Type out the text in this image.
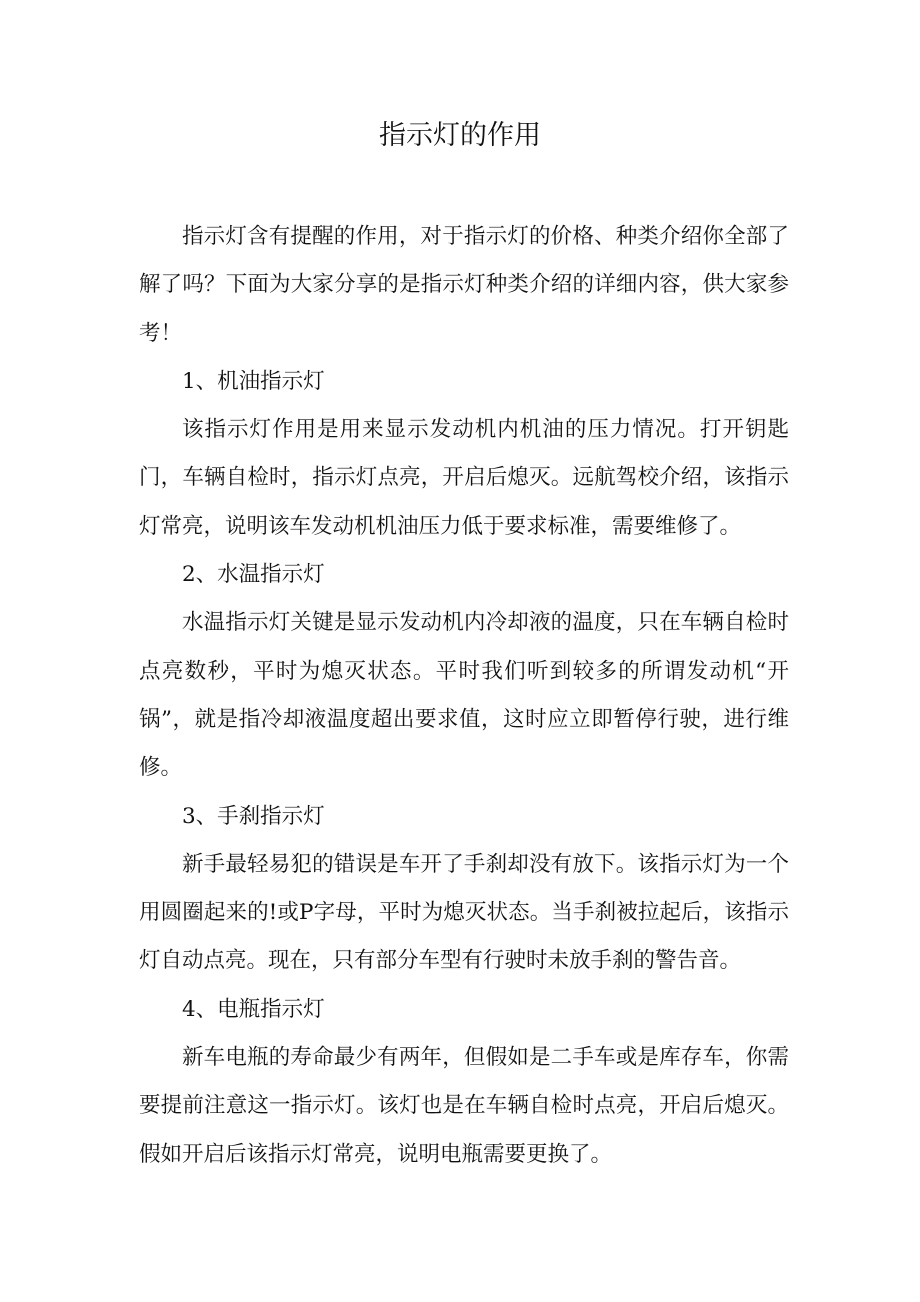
指示灯的作用

指示灯含有提醒的作用，对于指示灯的价格、种类介绍你全部了解了吗？下面为大家分享的是指示灯种类介绍的详细内容，供大家参考！

1、机油指示灯

该指示灯作用是用来显示发动机内机油的压力情况。打开钥匙门，车辆自检时，指示灯点亮，开启后熄灭。远航驾校介绍，该指示灯常亮，说明该车发动机机油压力低于要求标准，需要维修了。

2、水温指示灯

水温指示灯关键是显示发动机内冷却液的温度，只在车辆自检时点亮数秒，平时为熄灭状态。平时我们听到较多的所谓发动机“开锅”，就是指冷却液温度超出要求值，这时应立即暂停行驶，进行维修。

3、手刹指示灯

新手最轻易犯的错误是车开了手刹却没有放下。该指示灯为一个用圆圈起来的!或P字母，平时为熄灭状态。当手刹被拉起后，该指示灯自动点亮。现在，只有部分车型有行驶时未放手刹的警告音。

4、电瓶指示灯

新车电瓶的寿命最少有两年，但假如是二手车或是库存车，你需要提前注意这一指示灯。该灯也是在车辆自检时点亮，开启后熄灭。假如开启后该指示灯常亮，说明电瓶需要更换了。
